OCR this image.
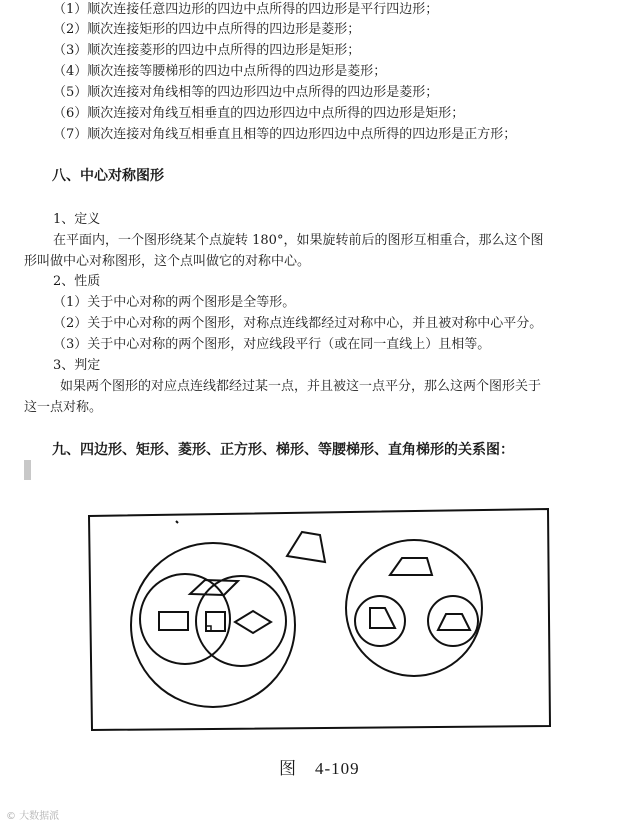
（1）顺次连接任意四边形的四边中点所得的四边形是平行四边形；
（2）顺次连接矩形的四边中点所得的四边形是菱形；
（3）顺次连接菱形的四边中点所得的四边形是矩形；
（4）顺次连接等腰梯形的四边中点所得的四边形是菱形；
（5）顺次连接对角线相等的四边形四边中点所得的四边形是菱形；
（6）顺次连接对角线互相垂直的四边形四边中点所得的四边形是矩形；
（7）顺次连接对角线互相垂直且相等的四边形四边中点所得的四边形是正方形；
八、中心对称图形
1、定义
在平面内，一个图形绕某个点旋转 180°，如果旋转前后的图形互相重合，那么这个图
形叫做中心对称图形，这个点叫做它的对称中心。
2、性质
（1）关于中心对称的两个图形是全等形。
（2）关于中心对称的两个图形，对称点连线都经过对称中心，并且被对称中心平分。
（3）关于中心对称的两个图形，对应线段平行（或在同一直线上）且相等。
3、判定
如果两个图形的对应点连线都经过某一点，并且被这一点平分，那么这两个图形关于
这一点对称。
九、四边形、矩形、菱形、正方形、梯形、等腰梯形、直角梯形的关系图：
图　4-109
© 大数据派
